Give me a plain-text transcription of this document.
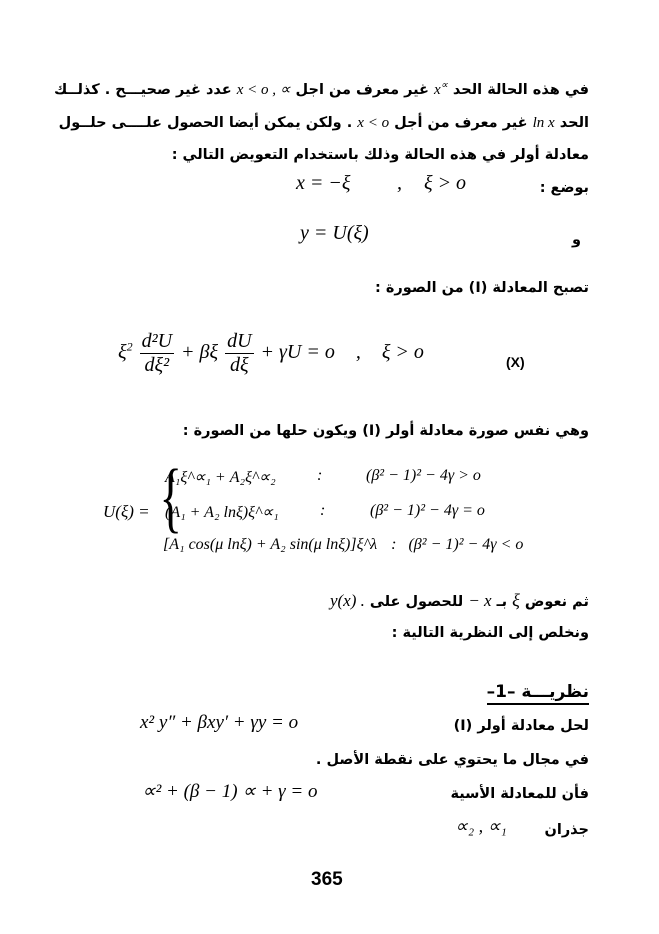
في هذه الحالة الحد x∝ غير معرف من اجل x < o , ∝ عدد غير صحيـــح . كذلــك
الحد ln x غير معرف من أجل x < o . ولكن يمكن أيضا الحصول علــــى حلــول
معادلة أولر في هذه الحالة وذلك باستخدام التعويض التالي :
بوضع :
x = −ξ , ξ > o
و
y = U(ξ)
تصبح المعادلة (I) من الصورة :
$\xi^2 \frac{\text{d²U}}{\text{dξ²}} + \beta\xi \frac{dU}{d\xi} + \gamma U = o$ , ξ > o	(X)
وهي نفس صورة معادلة أولر (I) ويكون حلها من الصورة :
U(ξ) = {
A₁ξ^∝₁ + A₂ξ^∝₂	:	(β² − 1)² − 4γ > o
(A₁ + A₂ lnξ)ξ^∝₁	:	(β² − 1)² − 4γ = o
[A₁ cos(μ lnξ) + A₂ sin(μ lnξ)]ξ^λ : (β² − 1)² − 4γ < o
ثم نعوض ξ بـ − x للحصول على y(x) .
ونخلص إلى النظرية التالية :
نظريـــة –1–
لحل معادلة أولر (I)
x² y″ + βxy′ + γy = o
في مجال ما يحتوي على نقطة الأصل .
فأن للمعادلة الأسية
∝² + (β − 1) ∝ + γ = o
جذران
∝₂ , ∝₁
365
